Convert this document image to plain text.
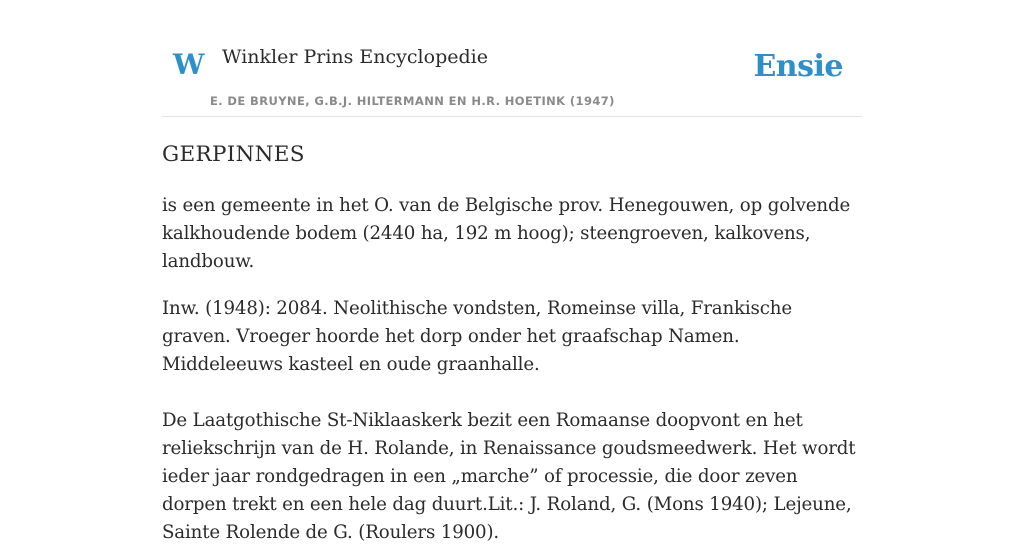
W Winkler Prins Encyclopedie
E. DE BRUYNE, G.B.J. HILTERMANN EN H.R. HOETINK (1947)
Ensie
GERPINNES

is een gemeente in het O. van de Belgische prov. Henegouwen, op golvende kalkhoudende bodem (2440 ha, 192 m hoog); steengroeven, kalkovens, landbouw.

Inw. (1948): 2084. Neolithische vondsten, Romeinse villa, Frankische graven. Vroeger hoorde het dorp onder het graafschap Namen. Middeleeuws kasteel en oude graanhalle.

De Laatgothische St-Niklaaskerk bezit een Romaanse doopvont en het reliekschrijn van de H. Rolande, in Renaissance goudsmeedwerk. Het wordt ieder jaar rondgedragen in een „marche” of processie, die door zeven dorpen trekt en een hele dag duurt.Lit.: J. Roland, G. (Mons 1940); Lejeune, Sainte Rolende de G. (Roulers 1900).
